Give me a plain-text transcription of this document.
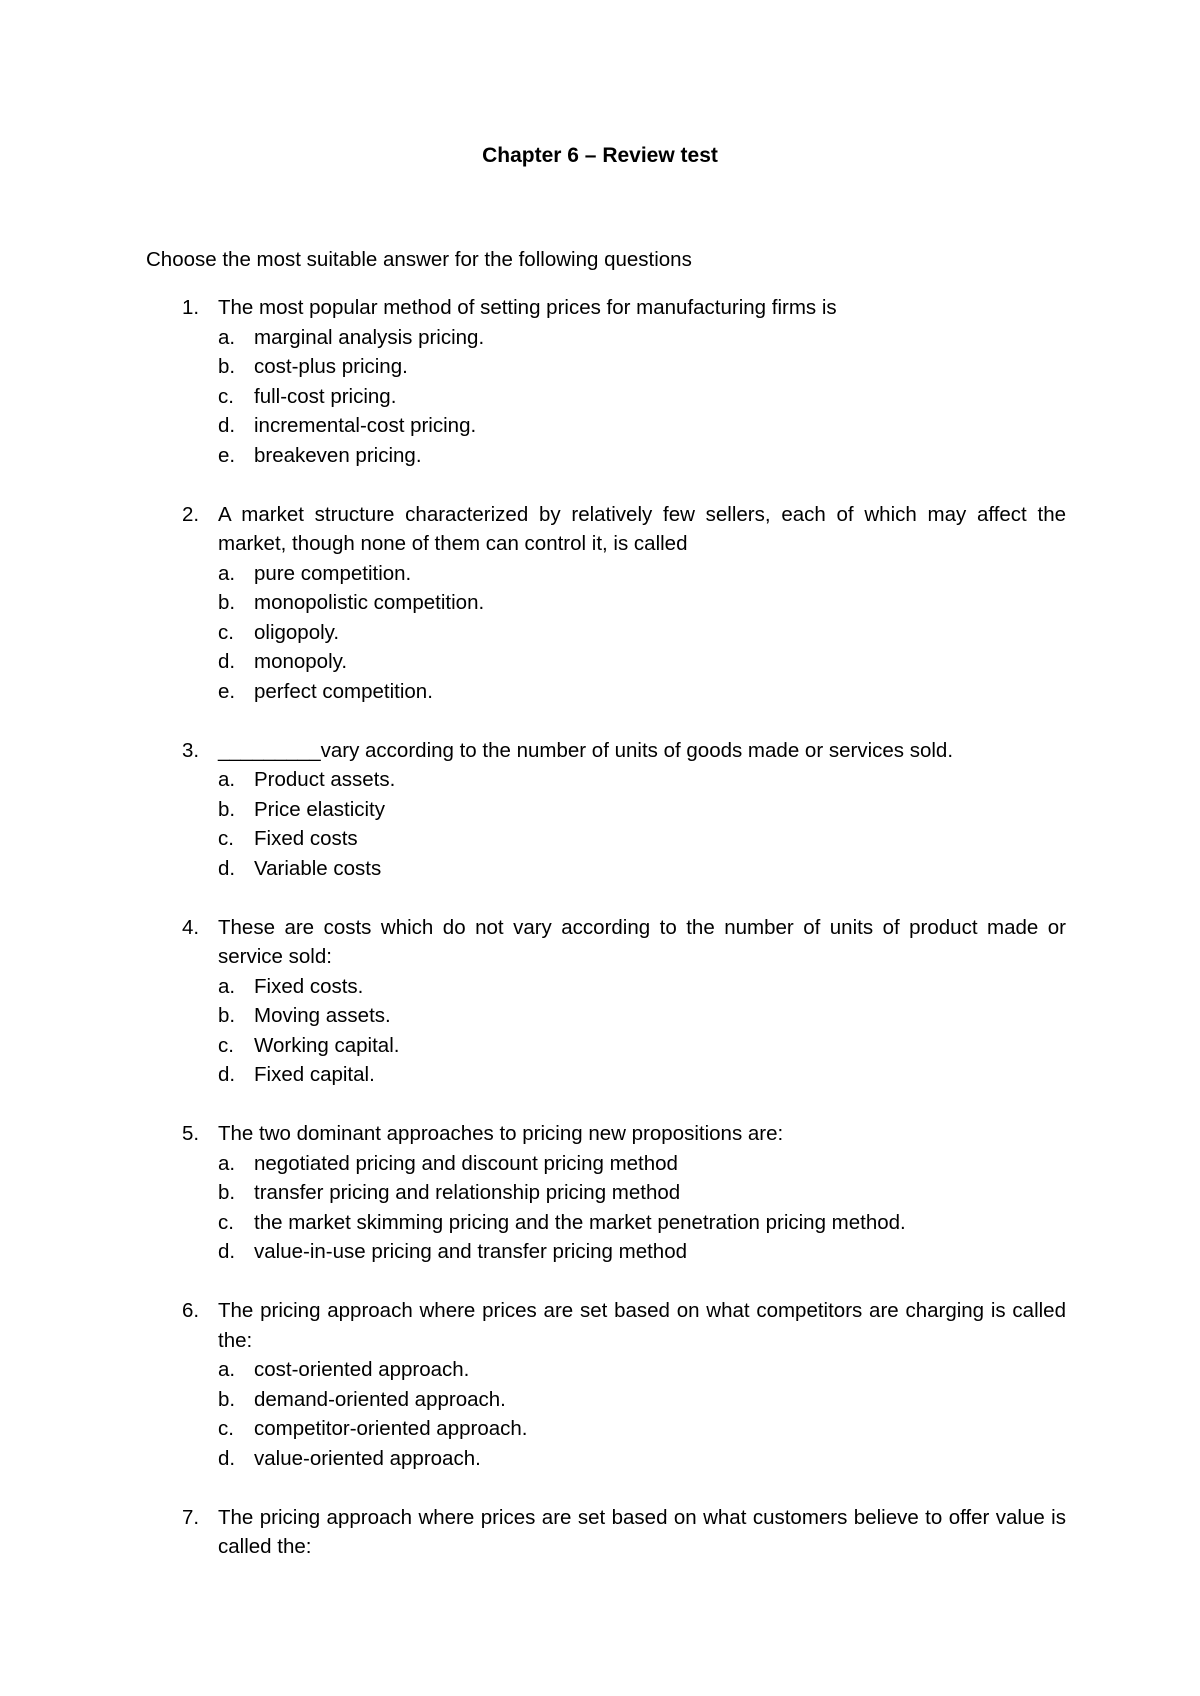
Chapter 6 – Review test

Choose the most suitable answer for the following questions

1. The most popular method of setting prices for manufacturing firms is

a. marginal analysis pricing.
b. cost-plus pricing.
c. full-cost pricing.
d. incremental-cost pricing.
e. breakeven pricing.
2. A market structure characterized by relatively few sellers, each of which may affect the market, though none of them can control it, is called

a. pure competition.
b. monopolistic competition.
c. oligopoly.
d. monopoly.
e. perfect competition.
3. _________vary according to the number of units of goods made or services sold.

a. Product assets.
b. Price elasticity
c. Fixed costs
d. Variable costs
4. These are costs which do not vary according to the number of units of product made or service sold:

a. Fixed costs.
b. Moving assets.
c. Working capital.
d. Fixed capital.
5. The two dominant approaches to pricing new propositions are:

a. negotiated pricing and discount pricing method
b. transfer pricing and relationship pricing method
c. the market skimming pricing and the market penetration pricing method.
d. value-in-use pricing and transfer pricing method
6. The pricing approach where prices are set based on what competitors are charging is called the:

a. cost-oriented approach.
b. demand-oriented approach.
c. competitor-oriented approach.
d. value-oriented approach.
7. The pricing approach where prices are set based on what customers believe to offer value is called the:
